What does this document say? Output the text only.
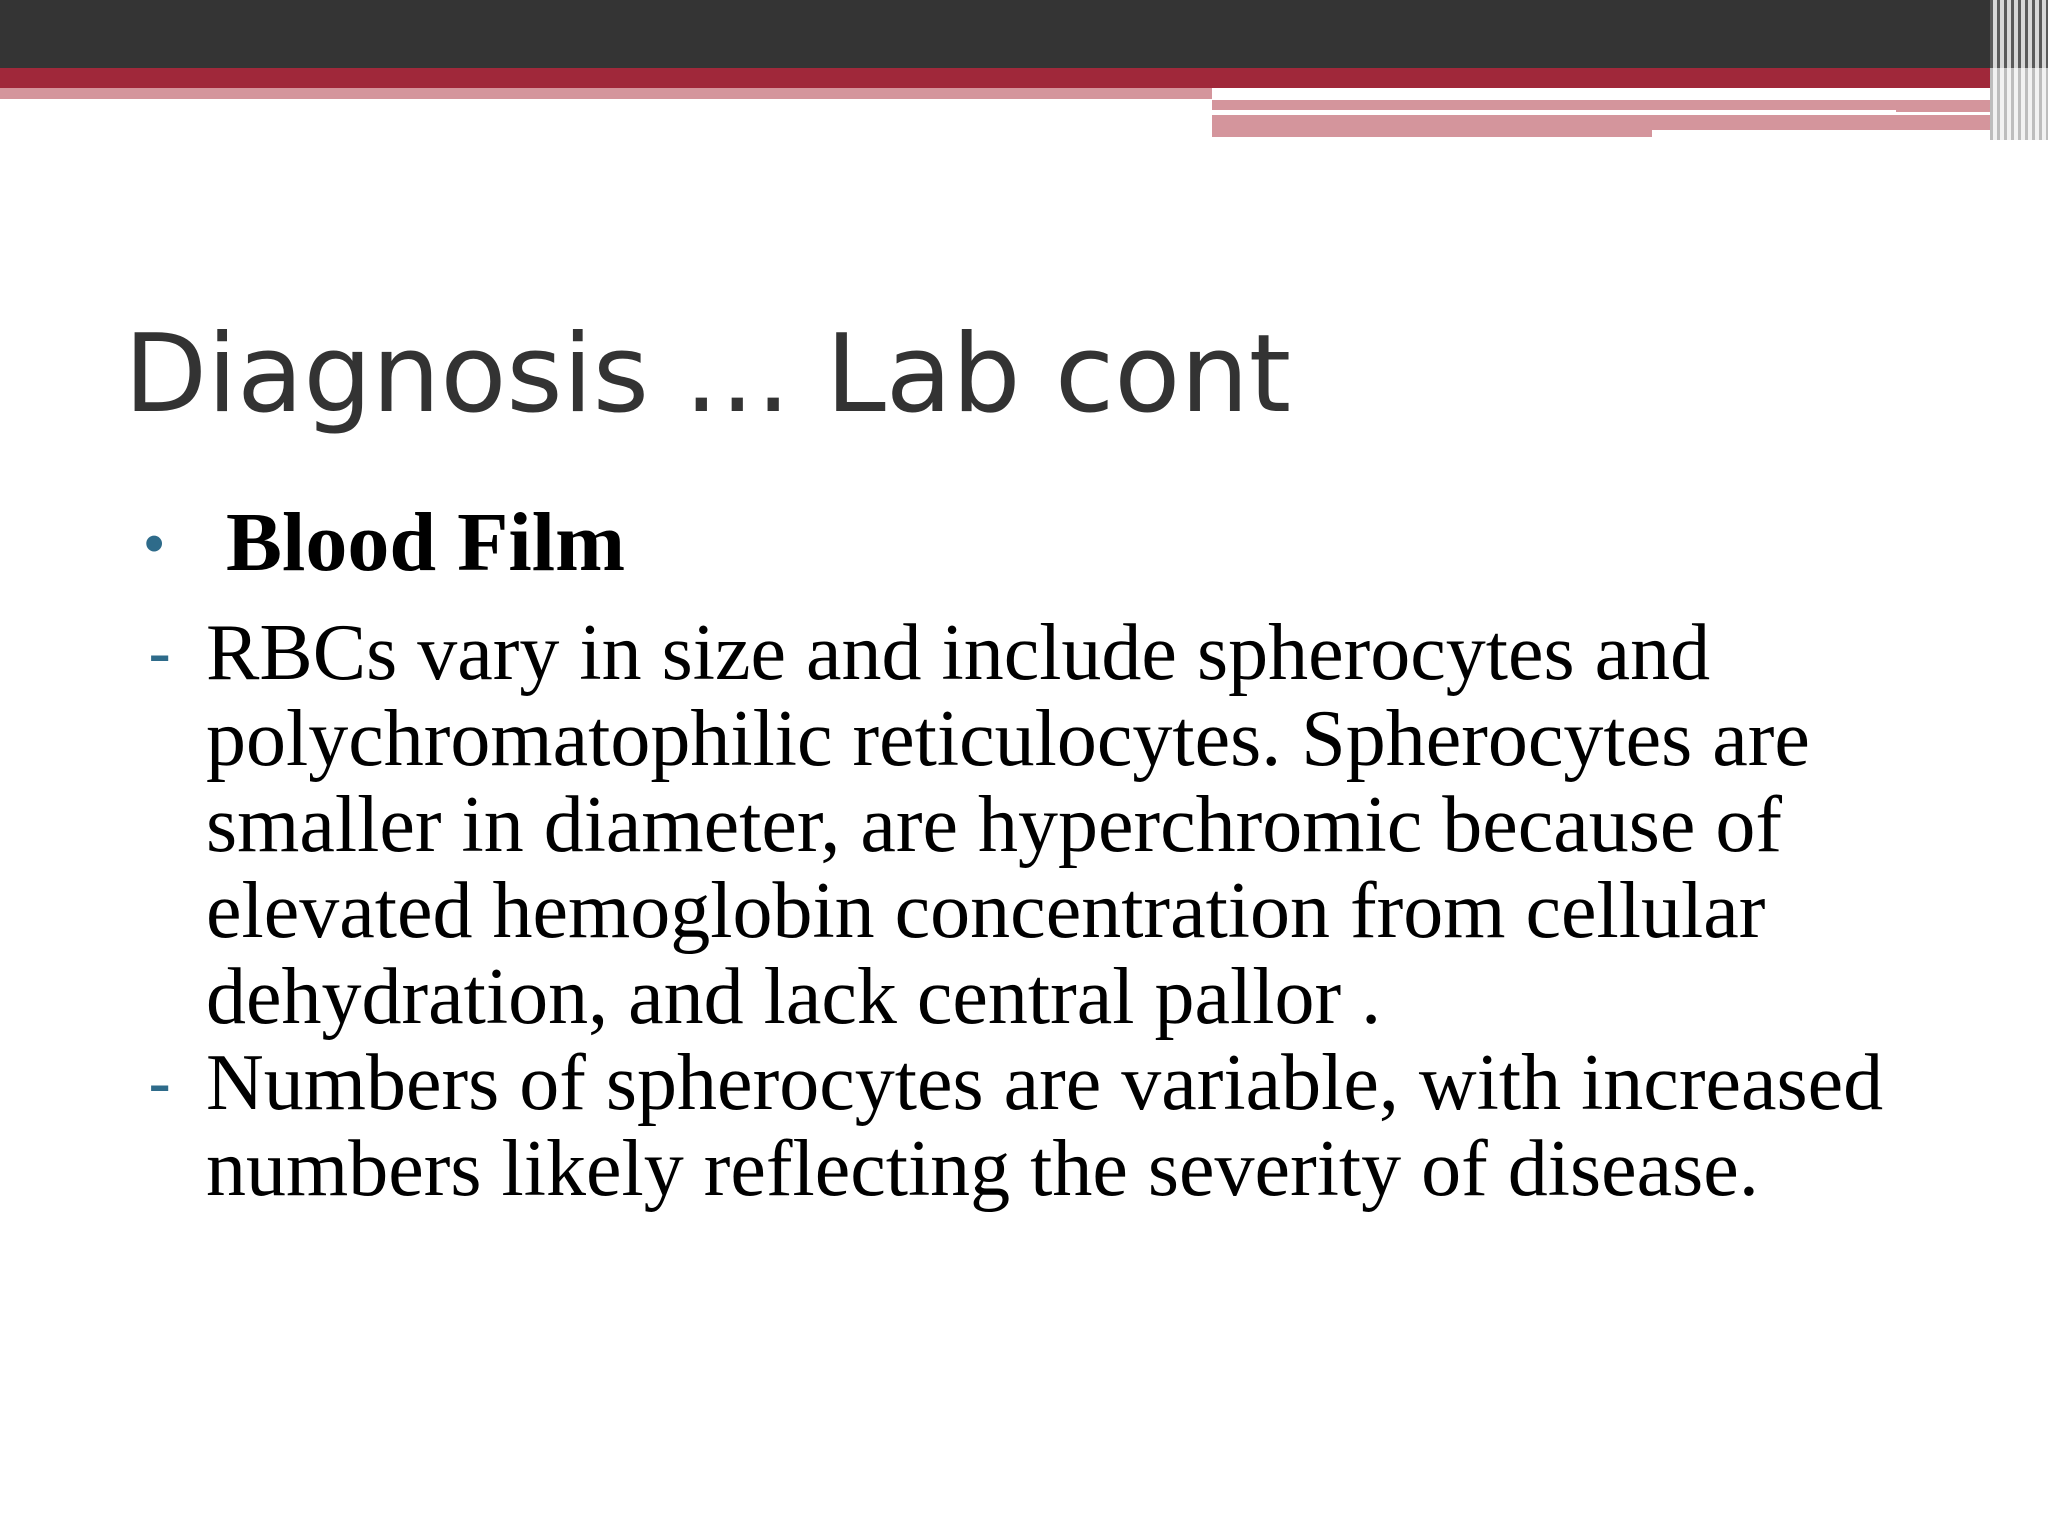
Diagnosis … Lab cont
• Blood Film
- RBCs vary in size and include spherocytes and polychromatophilic reticulocytes. Spherocytes are smaller in diameter, are hyperchromic because of elevated hemoglobin concentration from cellular dehydration, and lack central pallor .
- Numbers of spherocytes are variable, with increased numbers likely reflecting the severity of disease.
